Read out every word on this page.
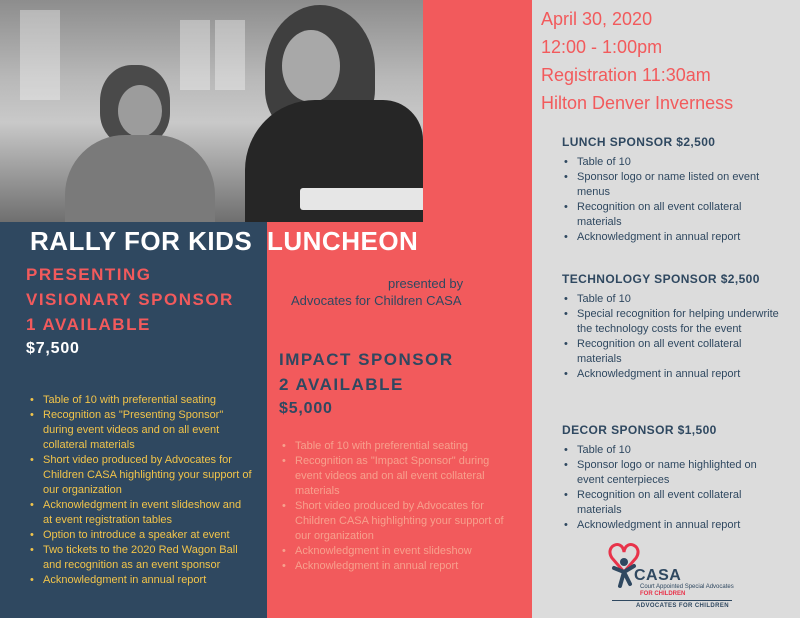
RALLY FOR KIDS LUNCHEON
PRESENTING
VISIONARY SPONSOR
1 AVAILABLE
$7,500
• Table of 10 with preferential seating
• Recognition as "Presenting Sponsor" during event videos and on all event collateral materials
• Short video produced by Advocates for Children CASA highlighting your support of our organization
• Acknowledgment in event slideshow and at event registration tables
• Option to introduce a speaker at event
• Two tickets to the 2020 Red Wagon Ball and recognition as an event sponsor
• Acknowledgment in annual report
presented by
Advocates for Children CASA
IMPACT SPONSOR
2 AVAILABLE
$5,000
• Table of 10 with preferential seating
• Recognition as "Impact Sponsor" during event videos and on all event collateral materials
• Short video produced by Advocates for Children CASA highlighting your support of our organization
• Acknowledgment in event slideshow
• Acknowledgment in annual report
April 30, 2020
12:00 - 1:00pm
Registration 11:30am
Hilton Denver Inverness
LUNCH SPONSOR $2,500
• Table of 10
• Sponsor logo or name listed on event menus
• Recognition on all event collateral materials
• Acknowledgment in annual report
TECHNOLOGY SPONSOR $2,500
• Table of 10
• Special recognition for helping underwrite the technology costs for the event
• Recognition on all event collateral materials
• Acknowledgment in annual report
DECOR SPONSOR $1,500
• Table of 10
• Sponsor logo or name highlighted on event centerpieces
• Recognition on all event collateral materials
• Acknowledgment in annual report
CASA
Court Appointed Special Advocates
FOR CHILDREN
ADVOCATES FOR CHILDREN
